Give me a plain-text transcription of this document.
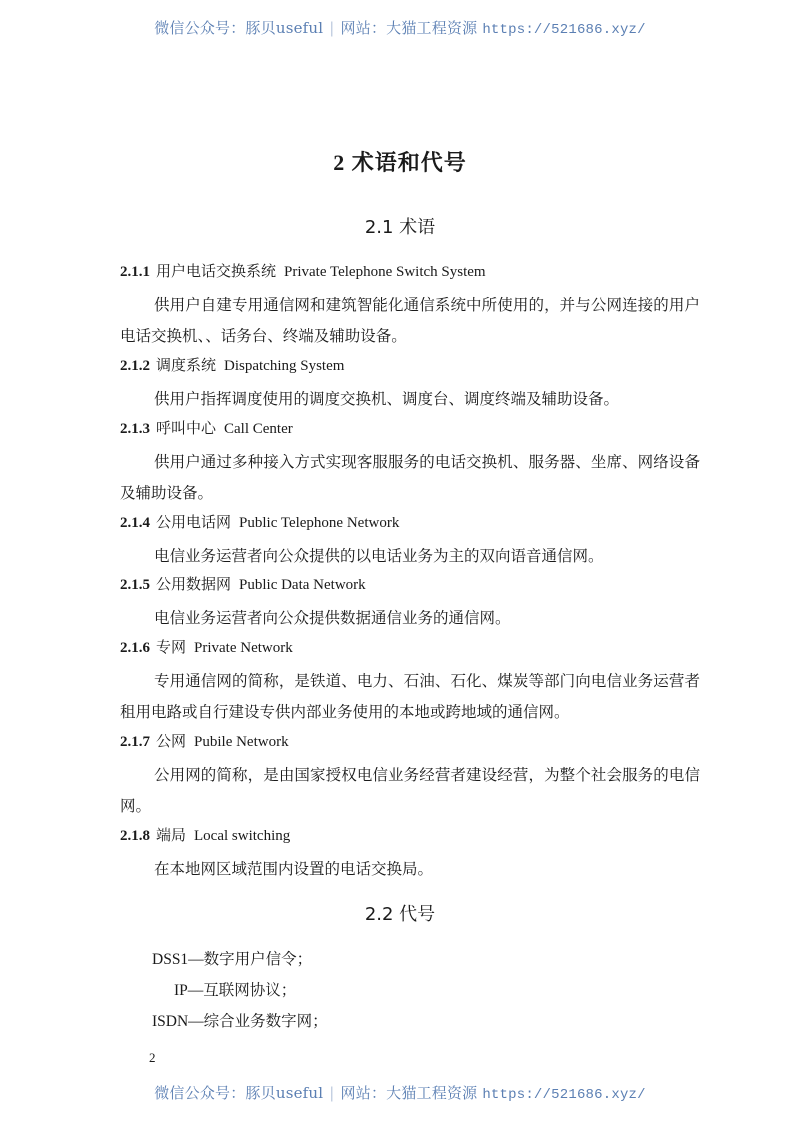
微信公众号：豚贝useful | 网站：大猫工程资源 https://521686.xyz/
2 术语和代号
2.1 术语

2.1.1 用户电话交换系统 Private Telephone Switch System

供用户自建专用通信网和建筑智能化通信系统中所使用的，并与公网连接的用户电话交换机、、话务台、终端及辅助设备。

2.1.2 调度系统 Dispatching System

供用户指挥调度使用的调度交换机、调度台、调度终端及辅助设备。

2.1.3 呼叫中心 Call Center

供用户通过多种接入方式实现客服服务的电话交换机、服务器、坐席、网络设备及辅助设备。

2.1.4 公用电话网 Public Telephone Network

电信业务运营者向公众提供的以电话业务为主的双向语音通信网。

2.1.5 公用数据网 Public Data Network

电信业务运营者向公众提供数据通信业务的通信网。

2.1.6 专网 Private Network

专用通信网的简称，是铁道、电力、石油、石化、煤炭等部门向电信业务运营者租用电路或自行建设专供内部业务使用的本地或跨地域的通信网。

2.1.7 公网 Pubile Network

公用网的简称，是由国家授权电信业务经营者建设经营，为整个社会服务的电信网。

2.1.8 端局 Local switching

在本地网区域范围内设置的电话交换局。

2.2 代号

DSS1—数字用户信令；

IP—互联网协议；

ISDN—综合业务数字网；

2
微信公众号：豚贝useful | 网站：大猫工程资源 https://521686.xyz/
